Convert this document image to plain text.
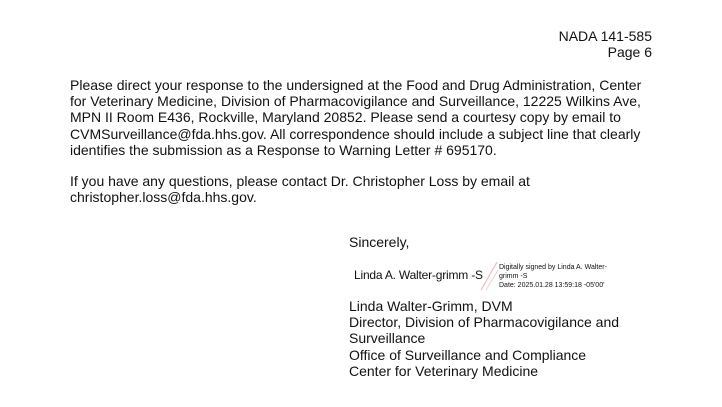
NADA 141-585
Page 6
Please direct your response to the undersigned at the Food and Drug Administration, Center
for Veterinary Medicine, Division of Pharmacovigilance and Surveillance, 12225 Wilkins Ave,
MPN II Room E436, Rockville, Maryland 20852. Please send a courtesy copy by email to
CVMSurveillance@fda.hhs.gov. All correspondence should include a subject line that clearly
identifies the submission as a Response to Warning Letter # 695170.
If you have any questions, please contact Dr. Christopher Loss by email at
christopher.loss@fda.hhs.gov.
Sincerely,
Linda A. Walter-grimm -S
Digitally signed by Linda A. Walter-
grimm -S
Date: 2025.01.28 13:59:18 -05'00'
Linda Walter-Grimm, DVM
Director, Division of Pharmacovigilance and
Surveillance
Office of Surveillance and Compliance
Center for Veterinary Medicine
